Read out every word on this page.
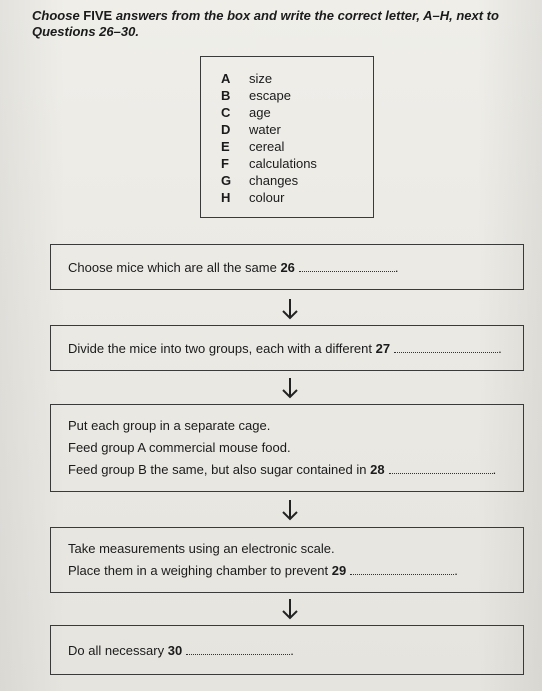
Choose FIVE answers from the box and write the correct letter, A–H, next to Questions 26–30.
A size
B escape
C age
D water
E cereal
F calculations
G changes
H colour
Choose mice which are all the same 26	.
Divide the mice into two groups, each with a different 27	.
Put each group in a separate cage.
Feed group A commercial mouse food.
Feed group B the same, but also sugar contained in 28	.
Take measurements using an electronic scale.
Place them in a weighing chamber to prevent 29	.
Do all necessary 30	.
